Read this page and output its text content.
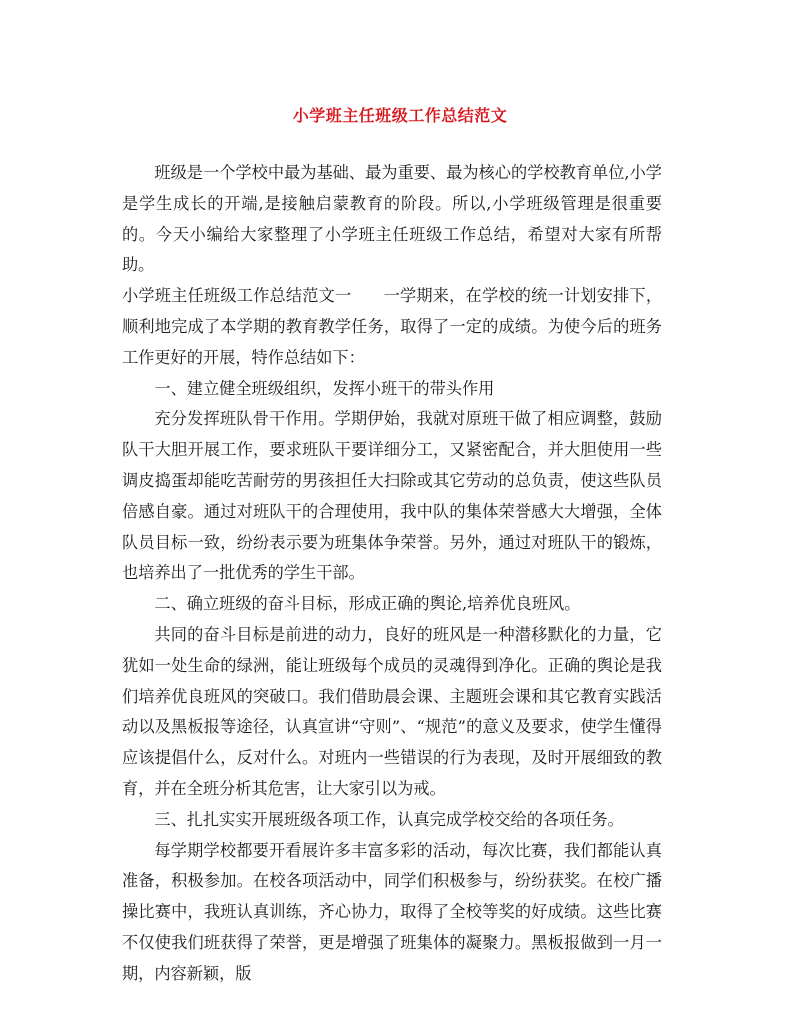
小学班主任班级工作总结范文

班级是一个学校中最为基础、最为重要、最为核心的学校教育单位,小学是学生成长的开端,是接触启蒙教育的阶段。所以,小学班级管理是很重要的。今天小编给大家整理了小学班主任班级工作总结，希望对大家有所帮助。

小学班主任班级工作总结范文一 一学期来，在学校的统一计划安排下，顺利地完成了本学期的教育教学任务，取得了一定的成绩。为使今后的班务工作更好的开展，特作总结如下：

一、建立健全班级组织，发挥小班干的带头作用

充分发挥班队骨干作用。学期伊始，我就对原班干做了相应调整，鼓励队干大胆开展工作，要求班队干要详细分工，又紧密配合，并大胆使用一些调皮捣蛋却能吃苦耐劳的男孩担任大扫除或其它劳动的总负责，使这些队员倍感自豪。通过对班队干的合理使用，我中队的集体荣誉感大大增强，全体队员目标一致，纷纷表示要为班集体争荣誉。另外，通过对班队干的锻炼，也培养出了一批优秀的学生干部。

二、确立班级的奋斗目标，形成正确的舆论,培养优良班风。

共同的奋斗目标是前进的动力，良好的班风是一种潜移默化的力量，它犹如一处生命的绿洲，能让班级每个成员的灵魂得到净化。正确的舆论是我们培养优良班风的突破口。我们借助晨会课、主题班会课和其它教育实践活动以及黑板报等途径，认真宣讲“守则”、“规范”的意义及要求，使学生懂得应该提倡什么，反对什么。对班内一些错误的行为表现，及时开展细致的教育，并在全班分析其危害，让大家引以为戒。

三、扎扎实实开展班级各项工作，认真完成学校交给的各项任务。

每学期学校都要开看展许多丰富多彩的活动，每次比赛，我们都能认真准备，积极参加。在校各项活动中，同学们积极参与，纷纷获奖。在校广播操比赛中，我班认真训练，齐心协力，取得了全校等奖的好成绩。这些比赛不仅使我们班获得了荣誉，更是增强了班集体的凝聚力。黑板报做到一月一期，内容新颖，版
